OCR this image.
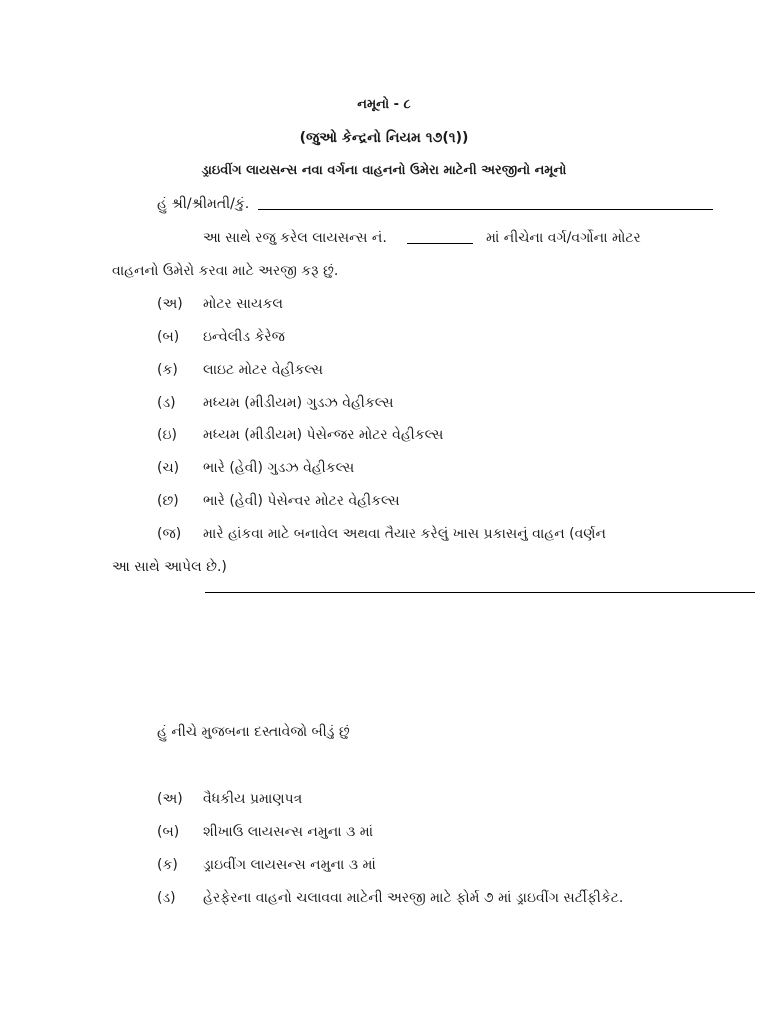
નમૂનો - ૮
(જુઓ કેન્દ્રનો નિયમ ૧૭(૧))
ડ્રાઇવીંગ લાયસન્સ નવા વર્ગના વાહનનો ઉમેરા માટેની અરજીનો નમૂનો
હું શ્રી/શ્રીમતી/કું.
આ સાથે રજુ કરેલ લાયસન્સ નં.	માં નીચેના વર્ગ/વર્ગોના મોટર
વાહનનો ઉમેરો કરવા માટે અરજી કરૂ છું.
(અ)	મોટર સાયકલ
(બ)	ઇન્વેલીડ કેરેજ
(ક)	લાઇટ મોટર વેહીકલ્સ
(ડ)	મધ્યમ (મીડીયમ) ગુડઝ વેહીકલ્સ
(ઇ)	મધ્યમ (મીડીયમ) પેસેન્જર મોટર વેહીકલ્સ
(ચ)	ભારે (હેવી) ગુડઝ વેહીકલ્સ
(છ)	ભારે (હેવી) પેસેન્વર મોટર વેહીકલ્સ
(જ)	મારે હાંકવા માટે બનાવેલ અથવા તૈયાર કરેલું ખાસ પ્રકાસનું વાહન (વર્ણન
આ સાથે આપેલ છે.)
હું નીચે મુજબના દસ્તાવેજો બીડું છું
(અ)	વૈધકીય પ્રમાણપત્ર
(બ)	શીખાઉ લાયસન્સ નમુના ૩ માં
(ક)	ડ્રાઇવીંગ લાયસન્સ નમુના ૩ માં
(ડ)	હેરફેરના વાહનો ચલાવવા માટેની અરજી માટે ફોર્મ ૭ માં ડ્રાઇવીંગ સર્ટીફીકેટ.
